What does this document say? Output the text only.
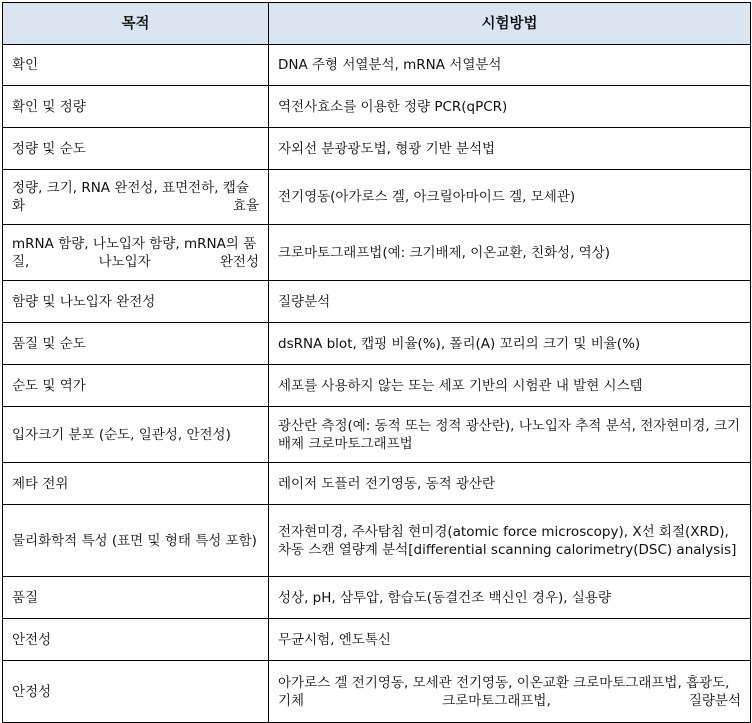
목적	시험방법
확인	DNA 주형 서열분석, mRNA 서열분석
확인 및 정량	역전사효소를 이용한 정량 PCR(qPCR)
정량 및 순도	자외선 분광광도법, 형광 기반 분석법
정량, 크기, RNA 완전성, 표면전하, 캡슐화 효율	전기영동(아가로스 겔, 아크릴아마이드 겔, 모세관)
mRNA 함량, 나노입자 함량, mRNA의 품질, 나노입자 완전성	크로마토그래프법(예: 크기배제, 이온교환, 친화성, 역상)
함량 및 나노입자 완전성	질량분석
품질 및 순도	dsRNA blot, 캡핑 비율(%), 폴리(A) 꼬리의 크기 및 비율(%)
순도 및 역가	세포를 사용하지 않는 또는 세포 기반의 시험관 내 발현 시스템
입자크기 분포 (순도, 일관성, 안전성)	광산란 측정(예: 동적 또는 정적 광산란), 나노입자 추적 분석, 전자현미경, 크기배제 크로마토그래프법
제타 전위	레이저 도플러 전기영동, 동적 광산란
물리화학적 특성 (표면 및 형태 특성 포함)	전자현미경, 주사탐침 현미경(atomic force microscopy), X선 회절(XRD), 차동 스캔 열량계 분석[differential scanning calorimetry(DSC) analysis]
품질	성상, pH, 삼투압, 함습도(동결건조 백신인 경우), 실용량
안전성	무균시험, 엔도톡신
안정성	아가로스 겔 전기영동, 모세관 전기영동, 이온교환 크로마토그래프법, 흡광도, 기체 크로마토그래프법, 질량분석
